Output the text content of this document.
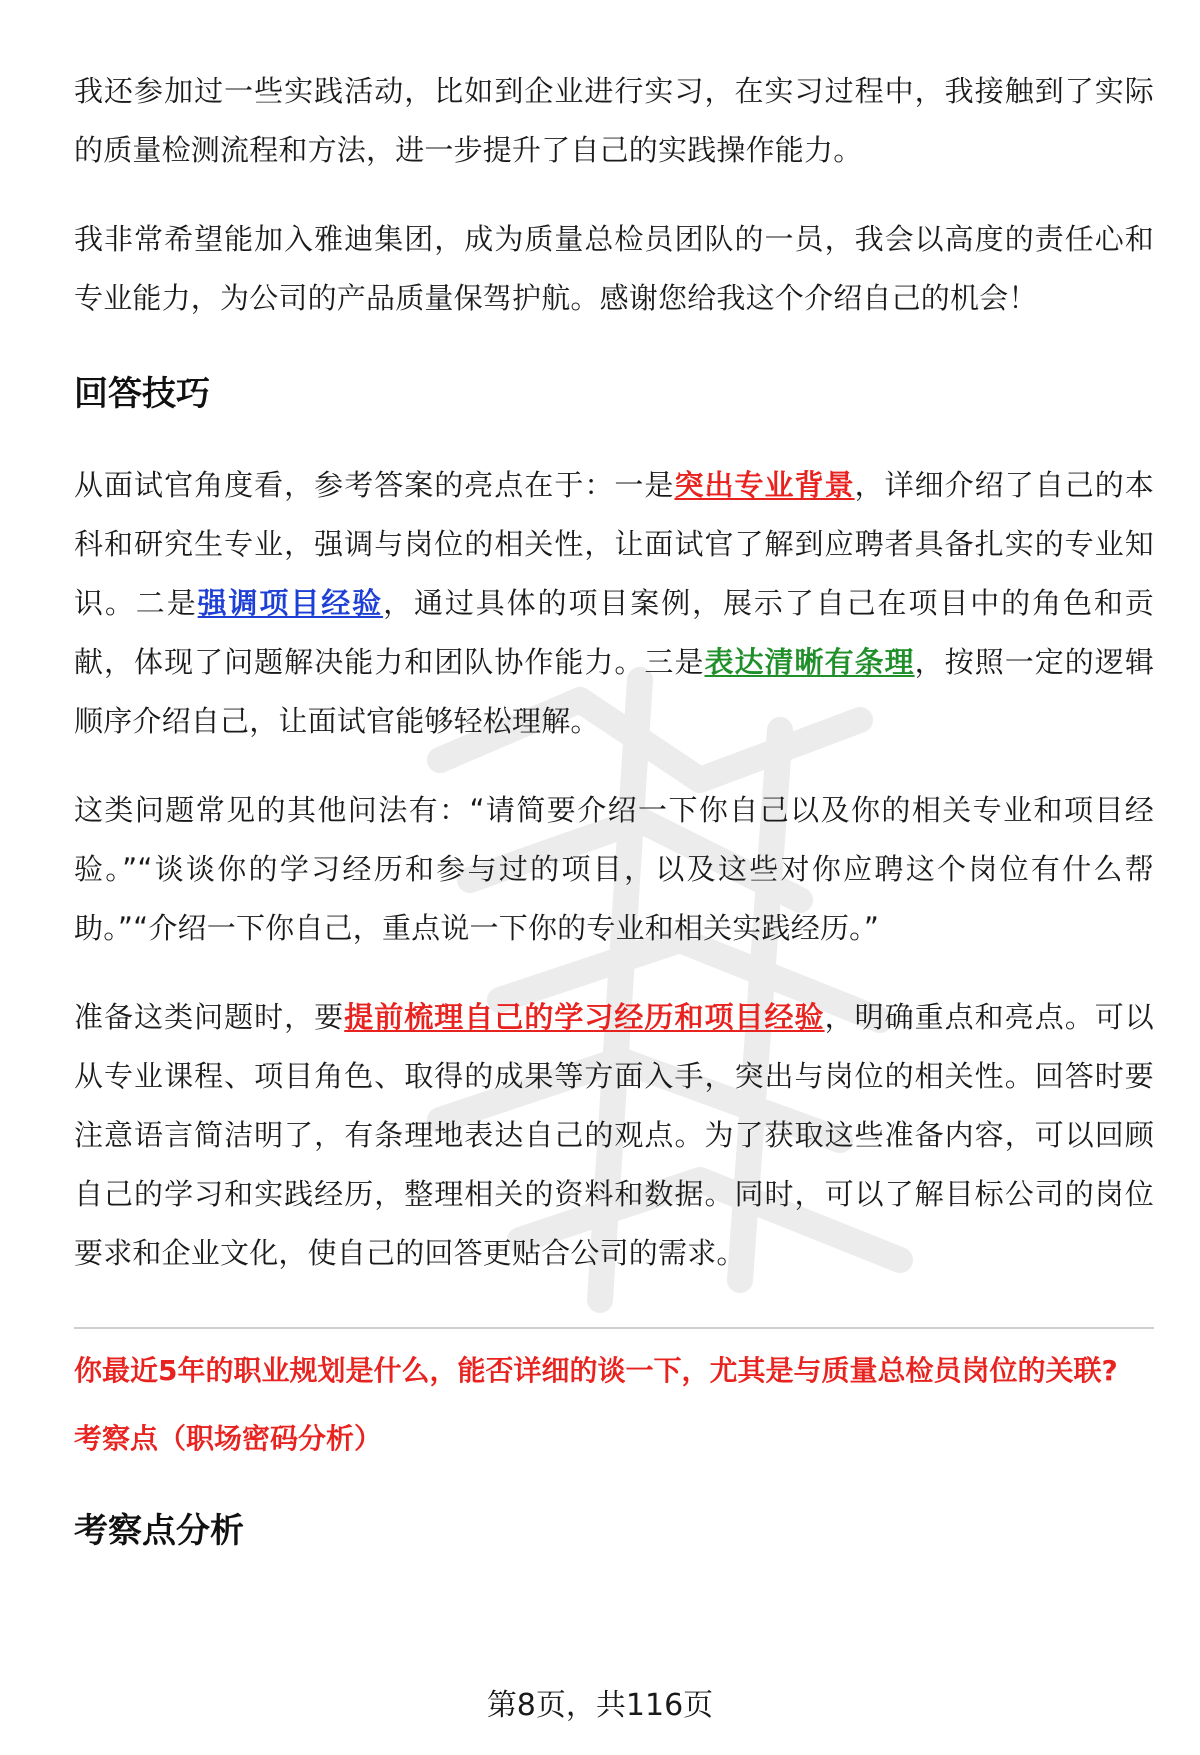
我还参加过一些实践活动，比如到企业进行实习，在实习过程中，我接触到了实际的质量检测流程和方法，进一步提升了自己的实践操作能力。

我非常希望能加入雅迪集团，成为质量总检员团队的一员，我会以高度的责任心和专业能力，为公司的产品质量保驾护航。感谢您给我这个介绍自己的机会！

回答技巧

从面试官角度看，参考答案的亮点在于：一是突出专业背景，详细介绍了自己的本科和研究生专业，强调与岗位的相关性，让面试官了解到应聘者具备扎实的专业知识。二是强调项目经验，通过具体的项目案例，展示了自己在项目中的角色和贡献，体现了问题解决能力和团队协作能力。三是表达清晰有条理，按照一定的逻辑顺序介绍自己，让面试官能够轻松理解。

这类问题常见的其他问法有：“请简要介绍一下你自己以及你的相关专业和项目经验。”“谈谈你的学习经历和参与过的项目，以及这些对你应聘这个岗位有什么帮助。”“介绍一下你自己，重点说一下你的专业和相关实践经历。”

准备这类问题时，要提前梳理自己的学习经历和项目经验，明确重点和亮点。可以从专业课程、项目角色、取得的成果等方面入手，突出与岗位的相关性。回答时要注意语言简洁明了，有条理地表达自己的观点。为了获取这些准备内容，可以回顾自己的学习和实践经历，整理相关的资料和数据。同时，可以了解目标公司的岗位要求和企业文化，使自己的回答更贴合公司的需求。

你最近5年的职业规划是什么，能否详细的谈一下，尤其是与质量总检员岗位的关联?
考察点（职场密码分析）
考察点分析
第8页，共116页
